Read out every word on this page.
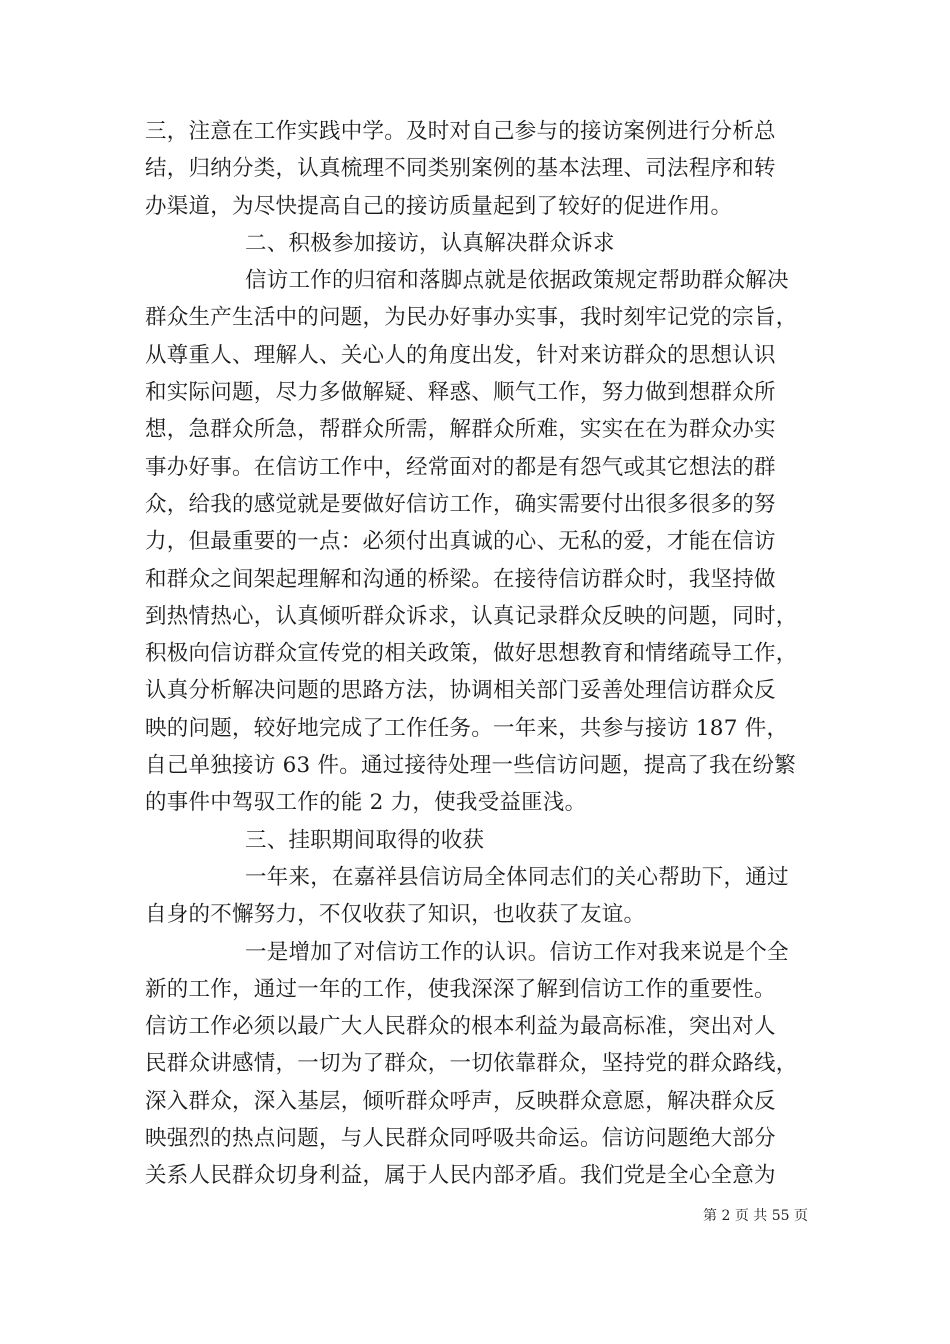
三，注意在工作实践中学。及时对自己参与的接访案例进行分析总
结，归纳分类，认真梳理不同类别案例的基本法理、司法程序和转
办渠道，为尽快提高自己的接访质量起到了较好的促进作用。
二、积极参加接访，认真解决群众诉求
信访工作的归宿和落脚点就是依据政策规定帮助群众解决
群众生产生活中的问题，为民办好事办实事，我时刻牢记党的宗旨，
从尊重人、理解人、关心人的角度出发，针对来访群众的思想认识
和实际问题，尽力多做解疑、释惑、顺气工作，努力做到想群众所
想，急群众所急，帮群众所需，解群众所难，实实在在为群众办实
事办好事。在信访工作中，经常面对的都是有怨气或其它想法的群
众，给我的感觉就是要做好信访工作，确实需要付出很多很多的努
力，但最重要的一点：必须付出真诚的心、无私的爱，才能在信访
和群众之间架起理解和沟通的桥梁。在接待信访群众时，我坚持做
到热情热心，认真倾听群众诉求，认真记录群众反映的问题，同时，
积极向信访群众宣传党的相关政策，做好思想教育和情绪疏导工作，
认真分析解决问题的思路方法，协调相关部门妥善处理信访群众反
映的问题，较好地完成了工作任务。一年来，共参与接访 187 件，
自己单独接访 63 件。通过接待处理一些信访问题，提高了我在纷繁
的事件中驾驭工作的能 2 力，使我受益匪浅。
三、挂职期间取得的收获
一年来，在嘉祥县信访局全体同志们的关心帮助下，通过
自身的不懈努力，不仅收获了知识，也收获了友谊。
一是增加了对信访工作的认识。信访工作对我来说是个全
新的工作，通过一年的工作，使我深深了解到信访工作的重要性。
信访工作必须以最广大人民群众的根本利益为最高标准，突出对人
民群众讲感情，一切为了群众，一切依靠群众，坚持党的群众路线，
深入群众，深入基层，倾听群众呼声，反映群众意愿，解决群众反
映强烈的热点问题，与人民群众同呼吸共命运。信访问题绝大部分
关系人民群众切身利益，属于人民内部矛盾。我们党是全心全意为
第 2 页 共 55 页
